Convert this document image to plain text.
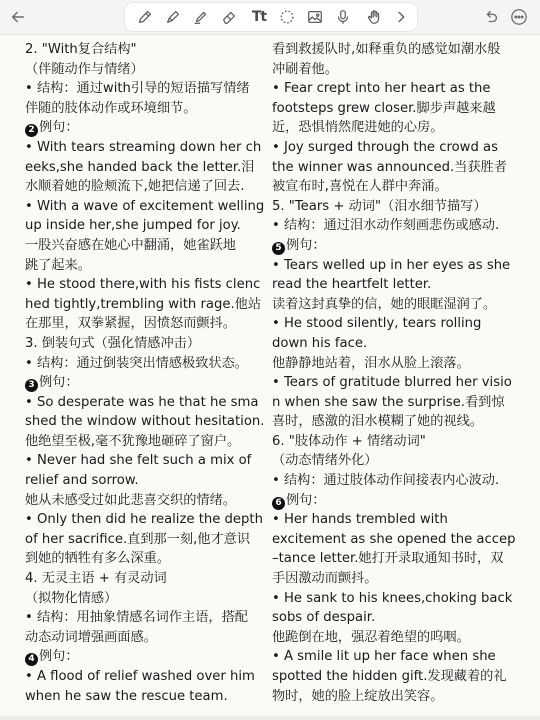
Tt
2. "With复合结构"
（伴随动作与情绪）
• 结构：通过with引导的短语描写情绪
伴随的肢体动作或环境细节。
2 例句：
• With tears streaming down her ch
eeks,she handed back the letter.泪
水顺着她的脸颊流下,她把信递了回去.
• With a wave of excitement welling
up inside her,she jumped for joy.
一股兴奋感在她心中翻涌，她雀跃地
跳了起来。
• He stood there,with his fists clenc
hed tightly,trembling with rage.他站
在那里，双拳紧握，因愤怒而颤抖。
3. 倒装句式（强化情感冲击）
• 结构：通过倒装突出情感极致状态。
3 例句：
• So desperate was he that he sma
shed the window without hesitation.
他绝望至极,毫不犹豫地砸碎了窗户。
• Never had she felt such a mix of
relief and sorrow.
她从未感受过如此悲喜交织的情绪。
• Only then did he realize the depth
of her sacrifice.直到那一刻,他才意识
到她的牺牲有多么深重。
4. 无灵主语 + 有灵动词
（拟物化情感）
• 结构：用抽象情感名词作主语，搭配
动态动词增强画面感。
4 例句：
• A flood of relief washed over him
when he saw the rescue team.
看到救援队时,如释重负的感觉如潮水般
冲刷着他。
• Fear crept into her heart as the
footsteps grew closer.脚步声越来越
近，恐惧悄然爬进她的心房。
• Joy surged through the crowd as
the winner was announced.当获胜者
被宣布时,喜悦在人群中奔涌。
5. "Tears + 动词"（泪水细节描写）
• 结构：通过泪水动作刻画悲伤或感动.
5 例句：
• Tears welled up in her eyes as she
read the heartfelt letter.
读着这封真挚的信，她的眼眶湿润了。
• He stood silently, tears rolling
down his face.
他静静地站着，泪水从脸上滚落。
• Tears of gratitude blurred her visio
n when she saw the surprise.看到惊
喜时，感激的泪水模糊了她的视线。
6. "肢体动作 + 情绪动词"
（动态情绪外化）
• 结构：通过肢体动作间接表内心波动.
6 例句：
• Her hands trembled with
excitement as she opened the accep
–tance letter.她打开录取通知书时，双
手因激动而颤抖。
• He sank to his knees,choking back
sobs of despair.
他跪倒在地，强忍着绝望的呜咽。
• A smile lit up her face when she
spotted the hidden gift.发现藏着的礼
物时，她的脸上绽放出笑容。
